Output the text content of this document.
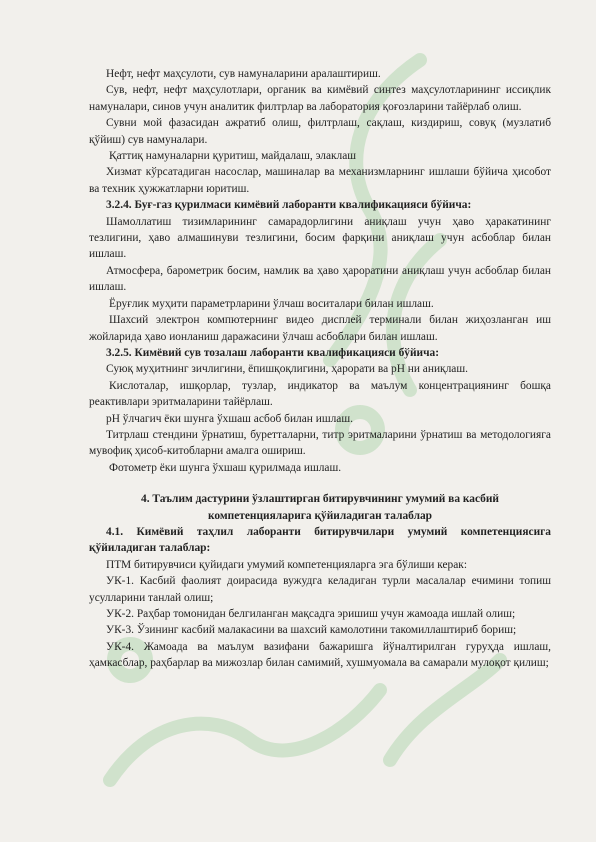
Нефт, нефт маҳсулоти, сув намуналарини аралаштириш.

Сув, нефт, нефт маҳсулотлари, органик ва кимёвий синтез маҳсулотларининг иссиқлик намуналари, синов учун аналитик филтрлар ва лаборатория қоғозларини тайёрлаб олиш.

Сувни мой фазасидан ажратиб олиш, филтрлаш, сақлаш, киздириш, совуқ (музлатиб қўйиш) сув намуналари.

Қаттиқ намуналарни қуритиш, майдалаш, элаклаш

Хизмат кўрсатадиган насослар, машиналар ва механизмларнинг ишлаши бўйича ҳисобот ва техник ҳужжатларни юритиш.

3.2.4. Буғ-газ қурилмаси кимёвий лаборанти квалификацияси бўйича:

Шамоллатиш тизимларининг самарадорлигини аниқлаш учун ҳаво ҳаракатининг тезлигини, ҳаво алмашинуви тезлигини, босим фарқини аниқлаш учун асбоблар билан ишлаш.

Атмосфера, барометрик босим, намлик ва ҳаво ҳароратини аниқлаш учун асбоблар билан ишлаш.

Ёруғлик муҳити параметрларини ўлчаш воситалари билан ишлаш.

Шахсий электрон компютернинг видео дисплей терминали билан жиҳозланган иш жойларида ҳаво ионланиш даражасини ўлчаш асбоблари билан ишлаш.

3.2.5. Кимёвий сув тозалаш лаборанти квалификацияси бўйича:

Суюқ муҳитнинг зичлигини, ёпишқоқлигини, ҳарорати ва pH ни аниқлаш.

Кислоталар, ишқорлар, тузлар, индикатор ва маълум концентрациянинг бошқа реактивлари эритмаларини тайёрлаш.

pH ўлчагич ёки шунга ўхшаш асбоб билан ишлаш.

Титрлаш стендини ўрнатиш, буретталарни, титр эритмаларини ўрнатиш ва методологияга мувофиқ ҳисоб-китобларни амалга ошириш.

Фотометр ёки шунга ўхшаш қурилмада ишлаш.

4. Таълим дастурини ўзлаштирган битирувчининг умумий ва касбий компетенцияларига қўйиладиган талаблар

4.1. Кимёвий таҳлил лаборанти битирувчилари умумий компетенциясига қўйиладиган талаблар:

ПТМ битирувчиси қуйидаги умумий компетенцияларга эга бўлиши керак:

УК-1. Касбий фаолият доирасида вужудга келадиган турли масалалар ечимини топиш усулларини танлай олиш;

УК-2. Раҳбар томонидан белгиланган мақсадга эришиш учун жамоада ишлай олиш;

УК-3. Ўзининг касбий малакасини ва шахсий камолотини такомиллаштириб бориш;

УК-4. Жамоада ва маълум вазифани бажаришга йўналтирилган гуруҳда ишлаш, ҳамкасблар, раҳбарлар ва мижозлар билан самимий, хушмуомала ва самарали мулоқот қилиш;
